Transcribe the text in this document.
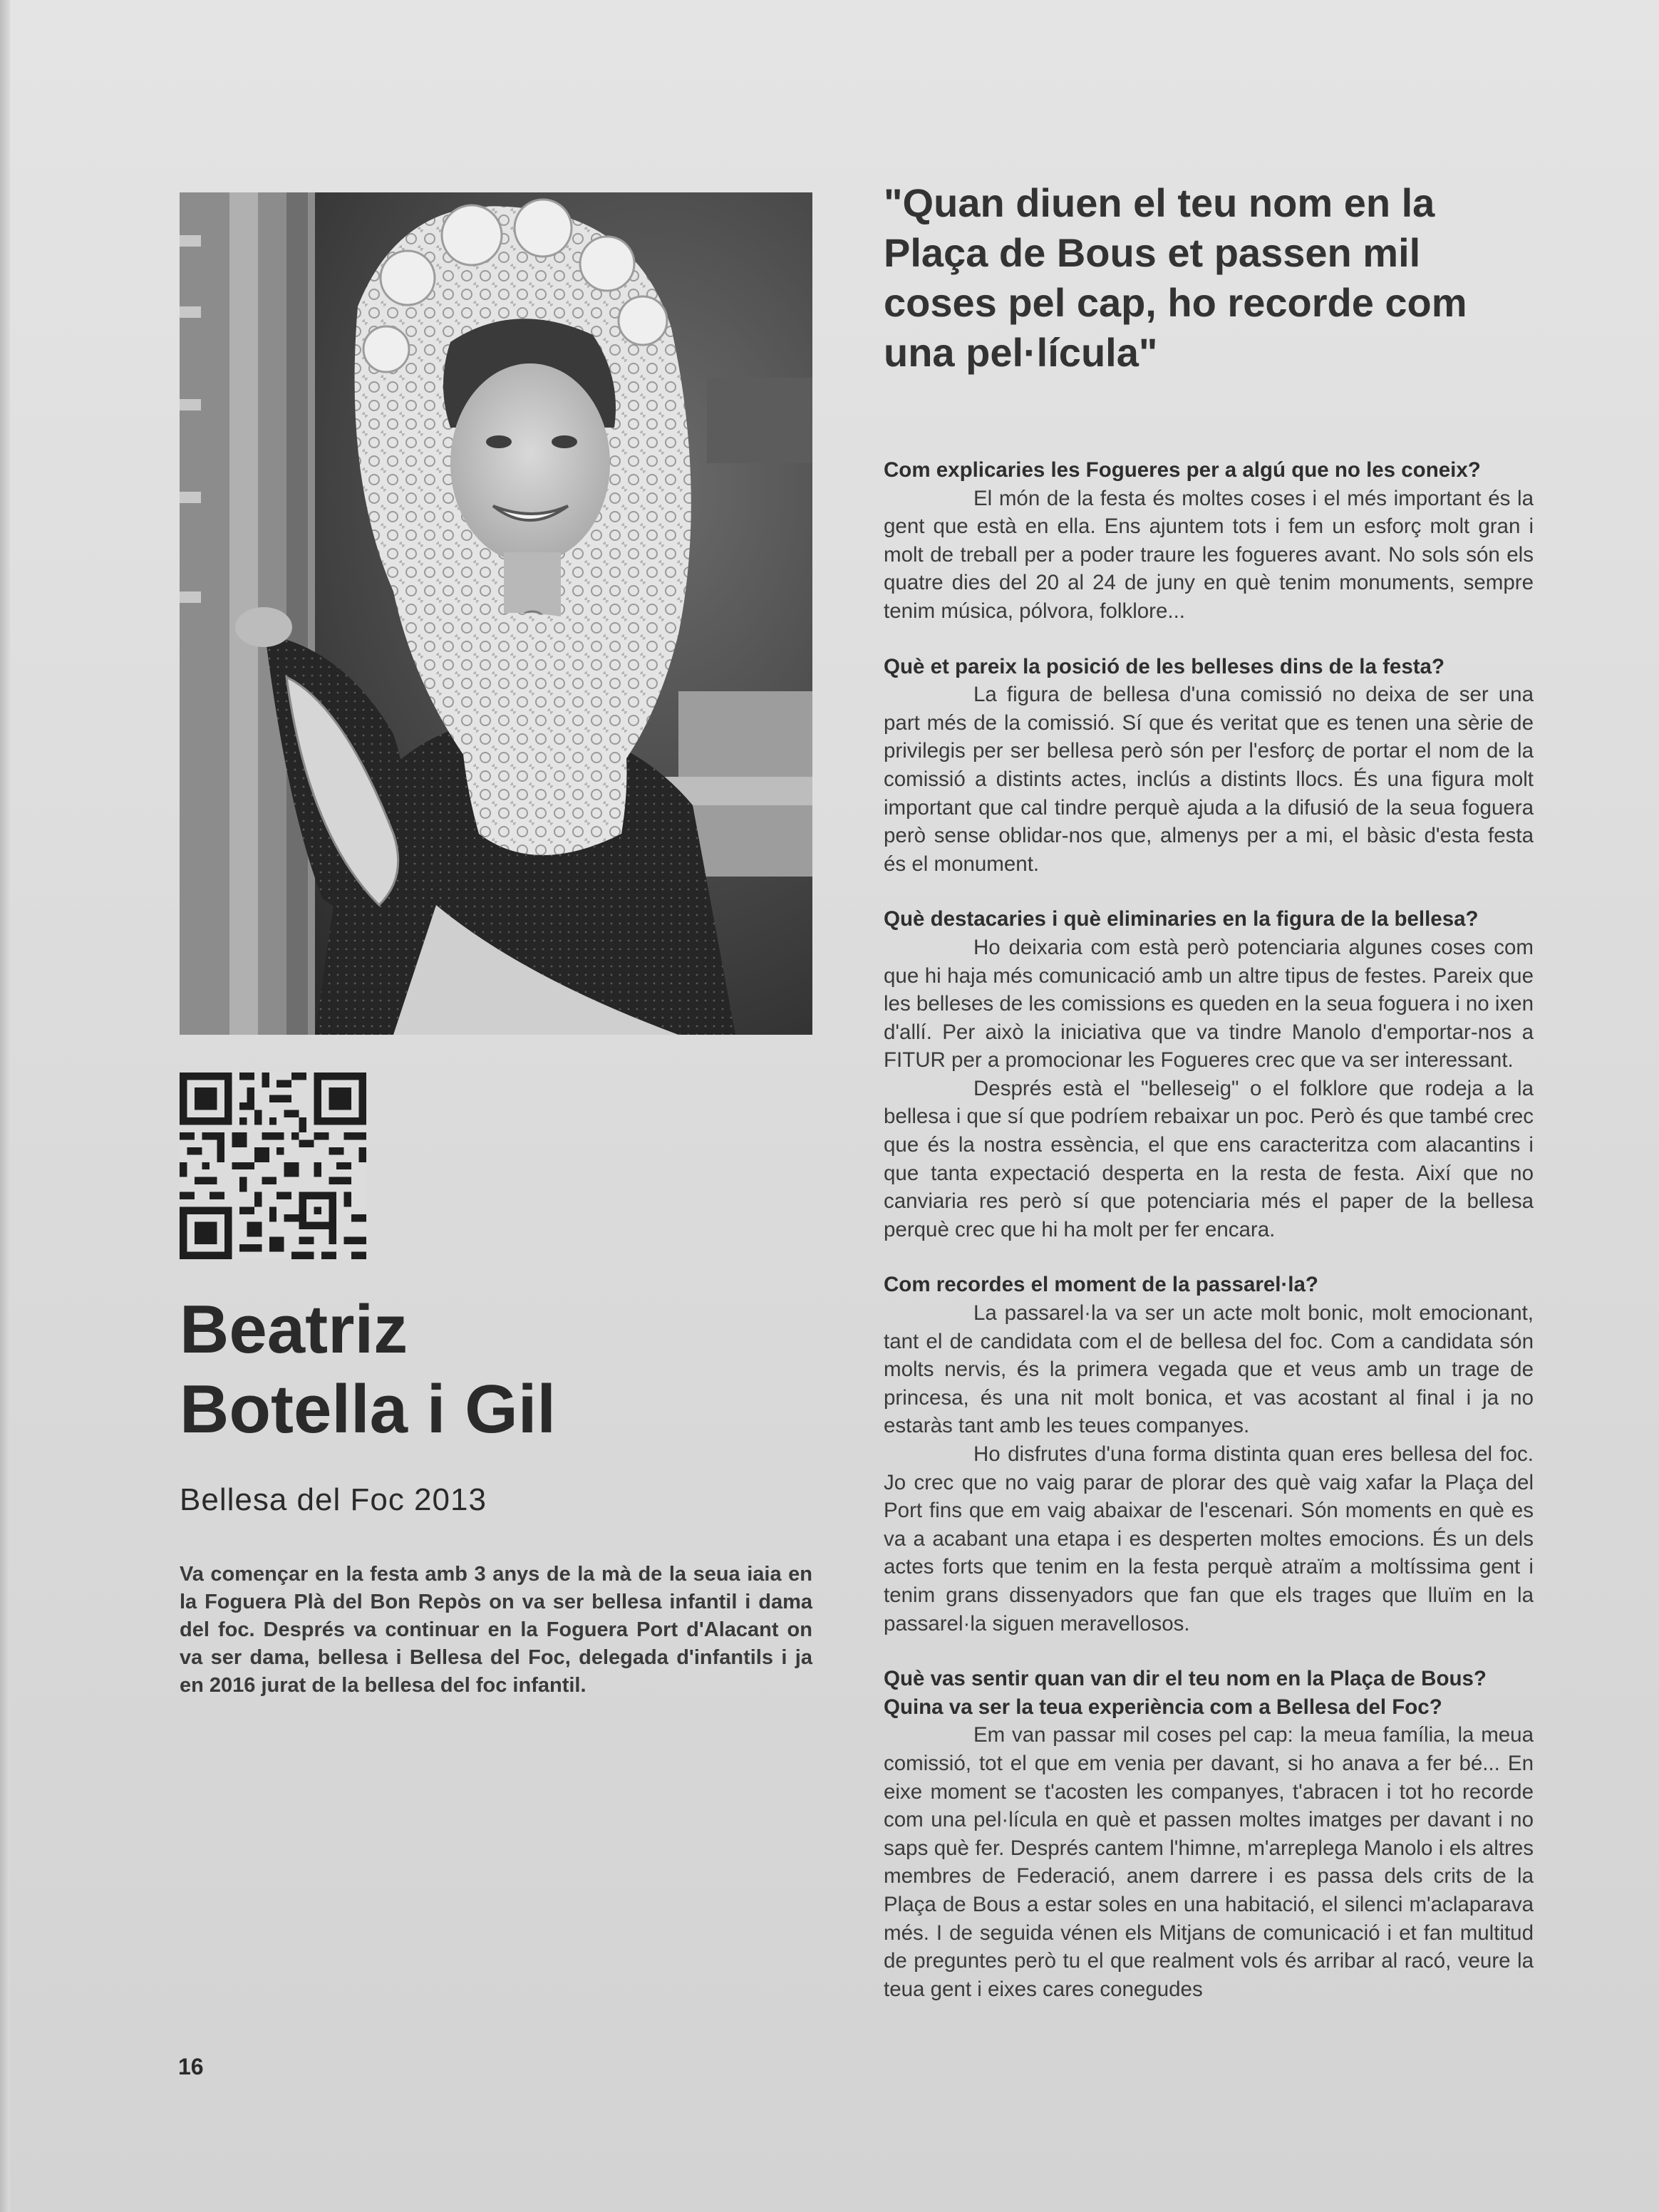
Beatriz
Botella i Gil
Bellesa del Foc 2013

Va començar en la festa amb 3 anys de la mà de la seua iaia en la Foguera Plà del Bon Repòs on va ser bellesa infantil i dama del foc. Després va continuar en la Foguera Port d'Alacant on va ser dama, bellesa i Bellesa del Foc, delegada d'infantils i ja en 2016 jurat de la bellesa del foc infantil.

16
"Quan diuen el teu nom en la Plaça de Bous et passen mil coses pel cap, ho recorde com una pel·lícula"

Com explicaries les Fogueres per a algú que no les coneix?

El món de la festa és moltes coses i el més important és la gent que està en ella. Ens ajuntem tots i fem un esforç molt gran i molt de treball per a poder traure les fogueres avant. No sols són els quatre dies del 20 al 24 de juny en què tenim monuments, sempre tenim música, pólvora, folklore...

Què et pareix la posició de les belleses dins de la festa?

La figura de bellesa d'una comissió no deixa de ser una part més de la comissió. Sí que és veritat que es tenen una sèrie de privilegis per ser bellesa però són per l'esforç de portar el nom de la comissió a distints actes, inclús a distints llocs. És una figura molt important que cal tindre perquè ajuda a la difusió de la seua foguera però sense oblidar-nos que, almenys per a mi, el bàsic d'esta festa és el monument.

Què destacaries i què eliminaries en la figura de la bellesa?

Ho deixaria com està però potenciaria algunes coses com que hi haja més comunicació amb un altre tipus de festes. Pareix que les belleses de les comissions es queden en la seua foguera i no ixen d'allí. Per això la iniciativa que va tindre Manolo d'emportar-nos a FITUR per a promocionar les Fogueres crec que va ser interessant.

Després està el "belleseig" o el folklore que rodeja a la bellesa i que sí que podríem rebaixar un poc. Però és que també crec que és la nostra essència, el que ens caracteritza com alacantins i que tanta expectació desperta en la resta de festa. Així que no canviaria res però sí que potenciaria més el paper de la bellesa perquè crec que hi ha molt per fer encara.

Com recordes el moment de la passarel·la?

La passarel·la va ser un acte molt bonic, molt emocionant, tant el de candidata com el de bellesa del foc. Com a candidata són molts nervis, és la primera vegada que et veus amb un trage de princesa, és una nit molt bonica, et vas acostant al final i ja no estaràs tant amb les teues companyes.

Ho disfrutes d'una forma distinta quan eres bellesa del foc. Jo crec que no vaig parar de plorar des què vaig xafar la Plaça del Port fins que em vaig abaixar de l'escenari. Són moments en què es va a acabant una etapa i es desperten moltes emocions. És un dels actes forts que tenim en la festa perquè atraïm a moltíssima gent i tenim grans dissenyadors que fan que els trages que lluïm en la passarel·la siguen meravellosos.

Què vas sentir quan van dir el teu nom en la Plaça de Bous? Quina va ser la teua experiència com a Bellesa del Foc?

Em van passar mil coses pel cap: la meua família, la meua comissió, tot el que em venia per davant, si ho anava a fer bé... En eixe moment se t'acosten les companyes, t'abracen i tot ho recorde com una pel·lícula en què et passen moltes imatges per davant i no saps què fer. Després cantem l'himne, m'arreplega Manolo i els altres membres de Federació, anem darrere i es passa dels crits de la Plaça de Bous a estar soles en una habitació, el silenci m'aclaparava més. I de seguida vénen els Mitjans de comunicació i et fan multitud de preguntes però tu el que realment vols és arribar al racó, veure la teua gent i eixes cares conegudes
